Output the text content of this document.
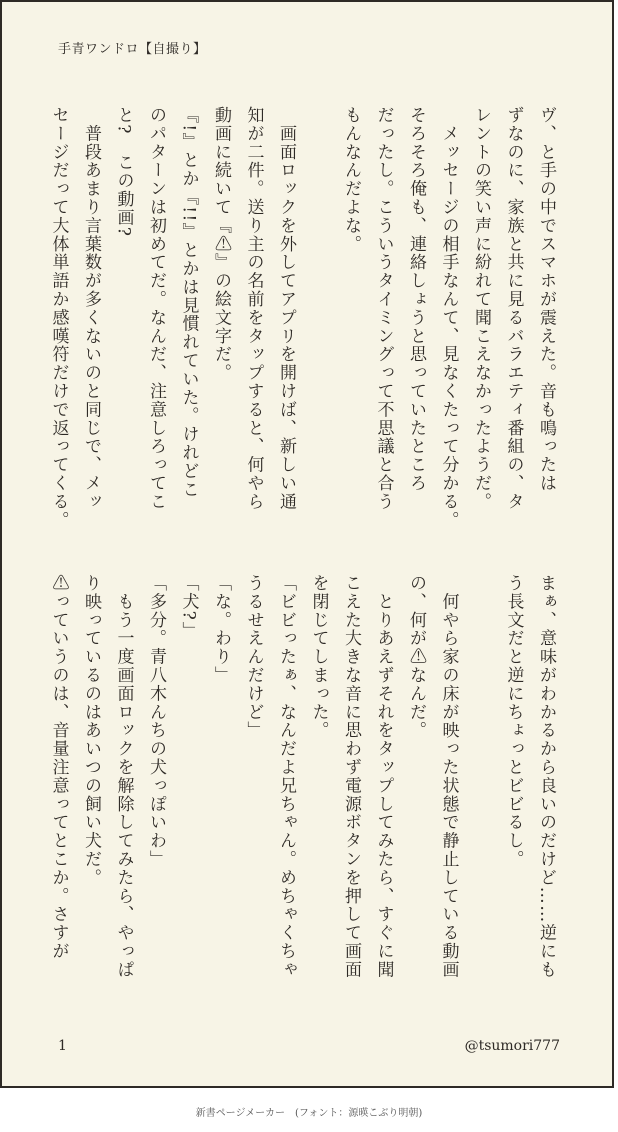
手青ワンドロ【自撮り】
ヴ、と手の中でスマホが震えた。音も鳴ったは
ずなのに、家族と共に見るバラエティ番組の、タ
レントの笑い声に紛れて聞こえなかったようだ。
　メッセージの相手なんて、見なくたって分かる。
そろそろ俺も、連絡しょうと思っていたところ
だったし。こういうタイミングって不思議と合う
もんなんだよな。

　画面ロックを外してアプリを開けば、新しい通
知が二件。送り主の名前をタップすると、何やら
動画に続いて『⚠』の絵文字だ。
『!』とか『!!』とかは見慣れていた。けれどこ
のパターンは初めてだ。なんだ、注意しろってこ
と?　この動画?
　普段あまり言葉数が多くないのと同じで、メッ
セージだって大体単語か感嘆符だけで返ってくる。
まぁ、意味がわかるから良いのだけど……逆にも
う長文だと逆にちょっとビビるし。

　何やら家の床が映った状態で静止している動画
の、何が⚠なんだ。
　とりあえずそれをタップしてみたら、すぐに聞
こえた大きな音に思わず電源ボタンを押して画面
を閉じてしまった。
「ビビったぁ、なんだよ兄ちゃん。めちゃくちゃ
うるせえんだけど」
「な。わり」
「犬?」
「多分。青八木んちの犬っぽいわ」
　もう一度画面ロックを解除してみたら、やっぱ
り映っているのはあいつの飼い犬だ。
⚠っていうのは、音量注意ってとこか。さすが
1	@tsumori777
新書ページメーカー　(フォント：源暎こぶり明朝)
